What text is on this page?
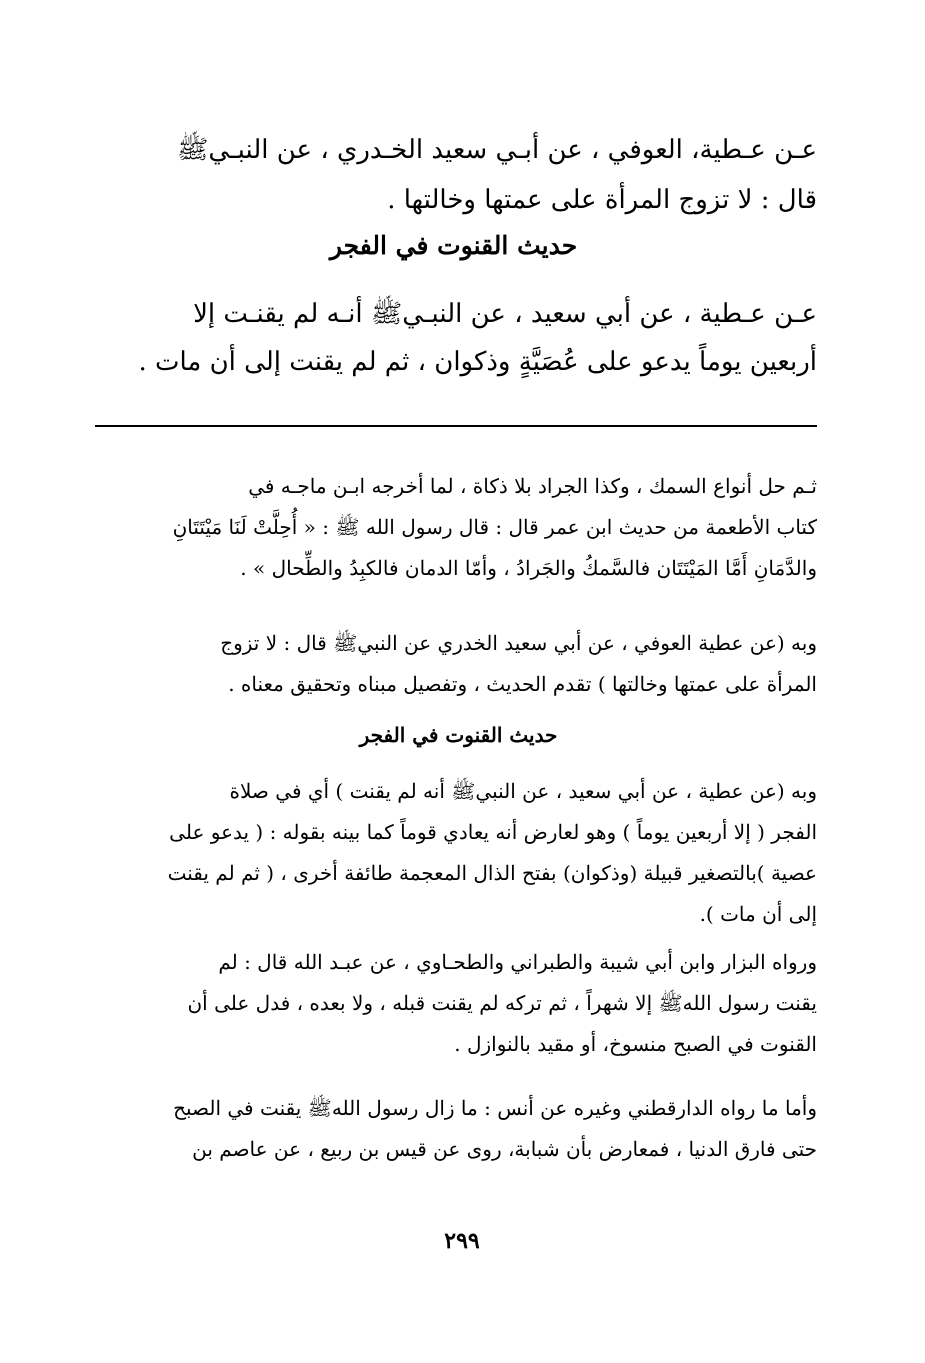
عـن عـطية، العوفي ، عن أبـي سعيد الخـدري ، عن النبـيﷺ
قال : لا تزوج المرأة على عمتها وخالتها .
حديث القنوت في الفجر
عـن عـطية ، عن أبي سعيد ، عن النبـيﷺ أنـه لم يقنـت إلا
أربعين يوماً يدعو على عُصَيَّةٍ وذكوان ، ثم لم يقنت إلى أن مات .
ثـم حل أنواع السمك ، وكذا الجراد بلا ذكاة ، لما أخرجه ابـن ماجـه في
كتاب الأطعمة من حديث ابن عمر قال : قال رسول الله ﷺ : « أُحِلَّتْ لَنَا مَيْتَتَانِ
والدَّمَانِ أَمَّا المَيْتَتَان فالسَّمكُ والجَرادُ ، وأمّا الدمان فالكبِدُ والطِّحال » .
وبه (عن عطية العوفي ، عن أبي سعيد الخدري عن النبيﷺ قال : لا تزوج
المرأة على عمتها وخالتها ) تقدم الحديث ، وتفصيل مبناه وتحقيق معناه .
حديث القنوت في الفجر
وبه (عن عطية ، عن أبي سعيد ، عن النبيﷺ أنه لم يقنت ) أي في صلاة
الفجر ( إلا أربعين يوماً ) وهو لعارض أنه يعادي قوماً كما بينه بقوله : ( يدعو على
عصية )بالتصغير قبيلة (وذكوان) بفتح الذال المعجمة طائفة أخرى ، ( ثم لم يقنت
إلى أن مات ).
ورواه البزار وابن أبي شيبة والطبراني والطحـاوي ، عن عبـد الله قال : لم
يقنت رسول اللهﷺ إلا شهراً ، ثم تركه لم يقنت قبله ، ولا بعده ، فدل على أن
القنوت في الصبح منسوخ، أو مقيد بالنوازل .
وأما ما رواه الدارقطني وغيره عن أنس : ما زال رسول اللهﷺ يقنت في الصبح
حتى فارق الدنيا ، فمعارض بأن شبابة، روى عن قيس بن ربيع ، عن عاصم بن
٢٩٩
